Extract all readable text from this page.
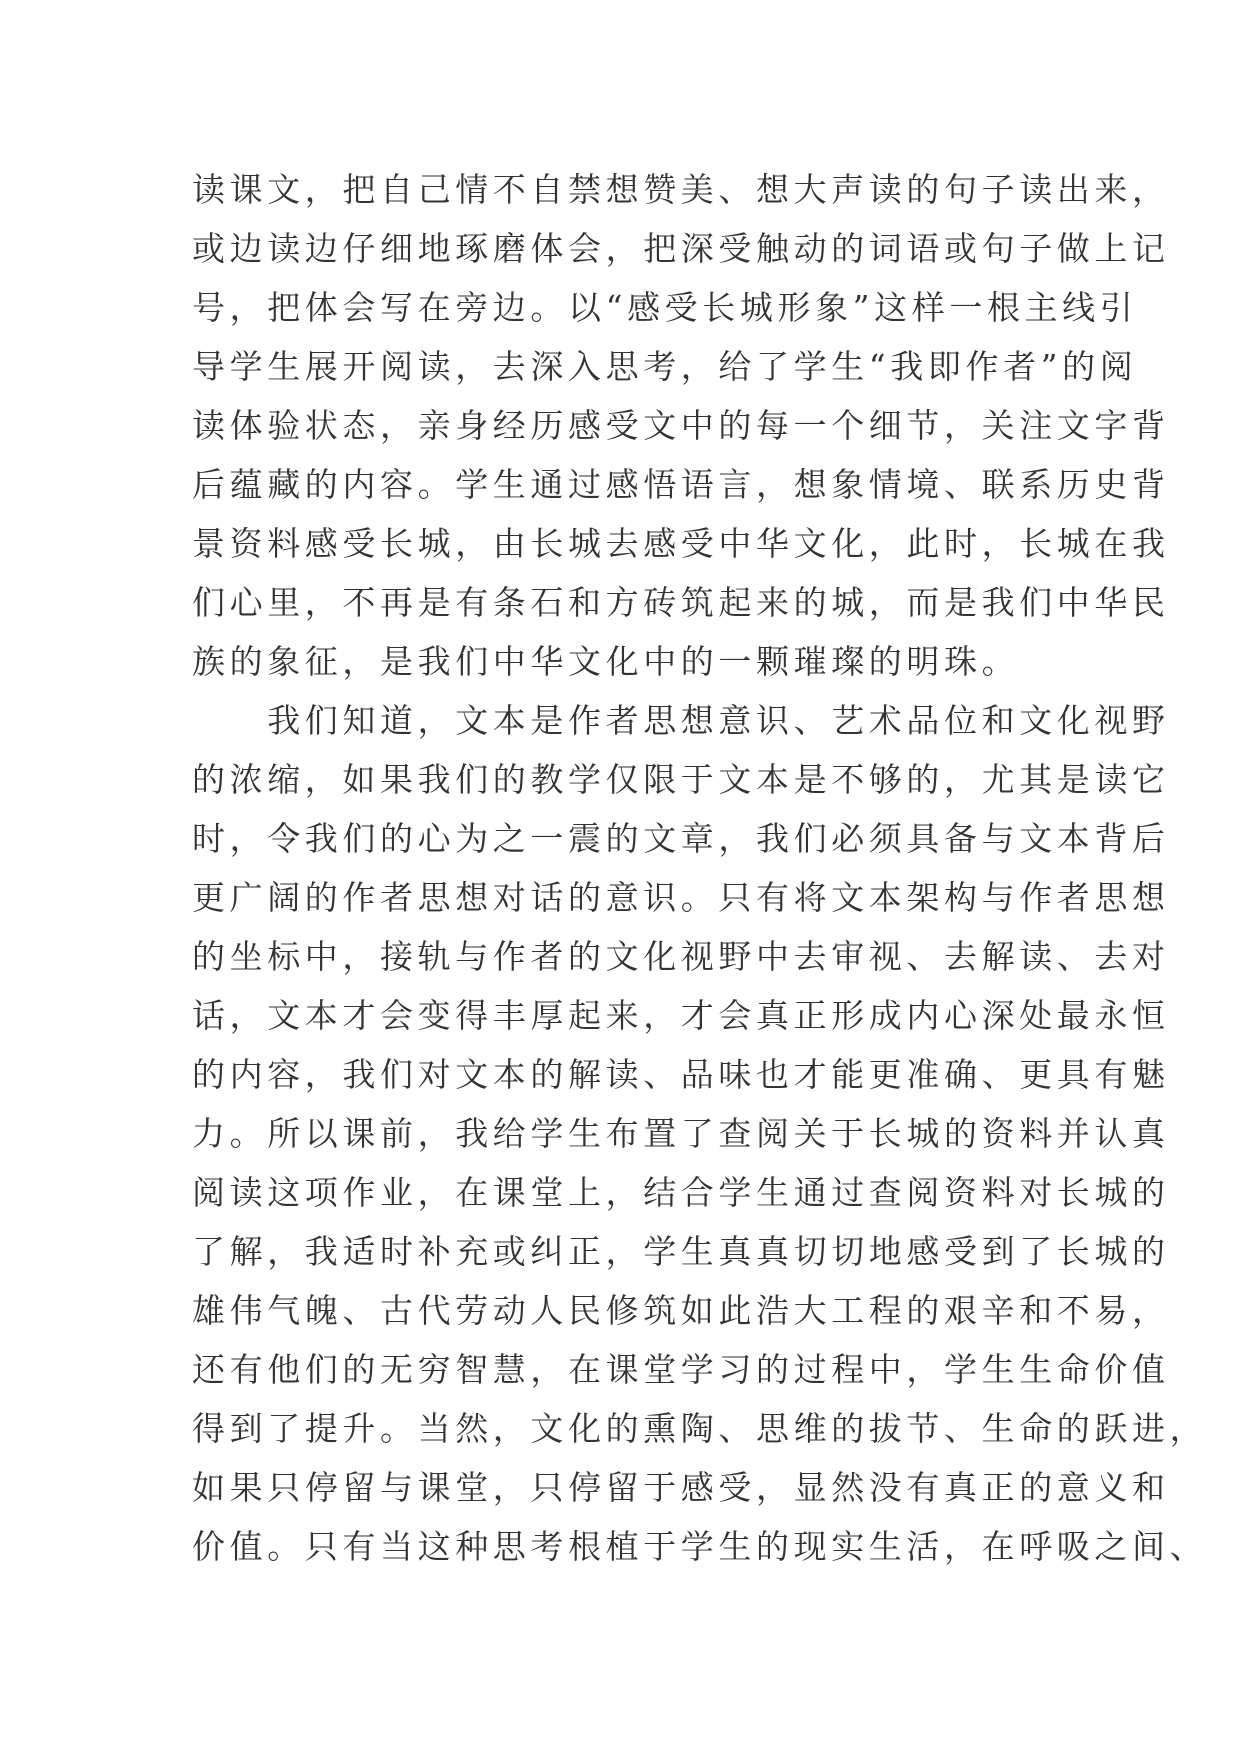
读课文，把自己情不自禁想赞美、想大声读的句子读出来，
或边读边仔细地琢磨体会，把深受触动的词语或句子做上记
号，把体会写在旁边。以“感受长城形象”这样一根主线引
导学生展开阅读，去深入思考，给了学生“我即作者”的阅
读体验状态，亲身经历感受文中的每一个细节，关注文字背
后蕴藏的内容。学生通过感悟语言，想象情境、联系历史背
景资料感受长城，由长城去感受中华文化，此时，长城在我
们心里，不再是有条石和方砖筑起来的城，而是我们中华民
族的象征，是我们中华文化中的一颗璀璨的明珠。
　　我们知道，文本是作者思想意识、艺术品位和文化视野
的浓缩，如果我们的教学仅限于文本是不够的，尤其是读它
时，令我们的心为之一震的文章，我们必须具备与文本背后
更广阔的作者思想对话的意识。只有将文本架构与作者思想
的坐标中，接轨与作者的文化视野中去审视、去解读、去对
话，文本才会变得丰厚起来，才会真正形成内心深处最永恒
的内容，我们对文本的解读、品味也才能更准确、更具有魅
力。所以课前，我给学生布置了查阅关于长城的资料并认真
阅读这项作业，在课堂上，结合学生通过查阅资料对长城的
了解，我适时补充或纠正，学生真真切切地感受到了长城的
雄伟气魄、古代劳动人民修筑如此浩大工程的艰辛和不易，
还有他们的无穷智慧，在课堂学习的过程中，学生生命价值
得到了提升。当然，文化的熏陶、思维的拔节、生命的跃进，
如果只停留与课堂，只停留于感受，显然没有真正的意义和
价值。只有当这种思考根植于学生的现实生活，在呼吸之间、
